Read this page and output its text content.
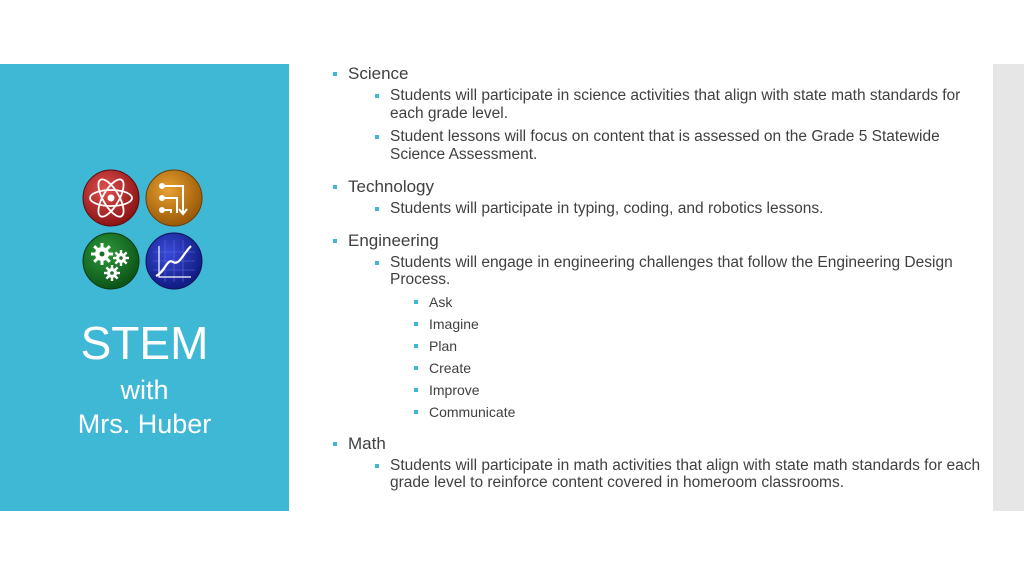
STEM
with
Mrs. Huber
Science
Students will participate in science activities that align with state math standards for each grade level.
Student lessons will focus on content that is assessed on the Grade 5 Statewide Science Assessment.
Technology
Students will participate in typing, coding, and robotics lessons.
Engineering
Students will engage in engineering challenges that follow the Engineering Design Process.
Ask
Imagine
Plan
Create
Improve
Communicate
Math
Students will participate in math activities that align with state math standards for each grade level to reinforce content covered in homeroom classrooms.
